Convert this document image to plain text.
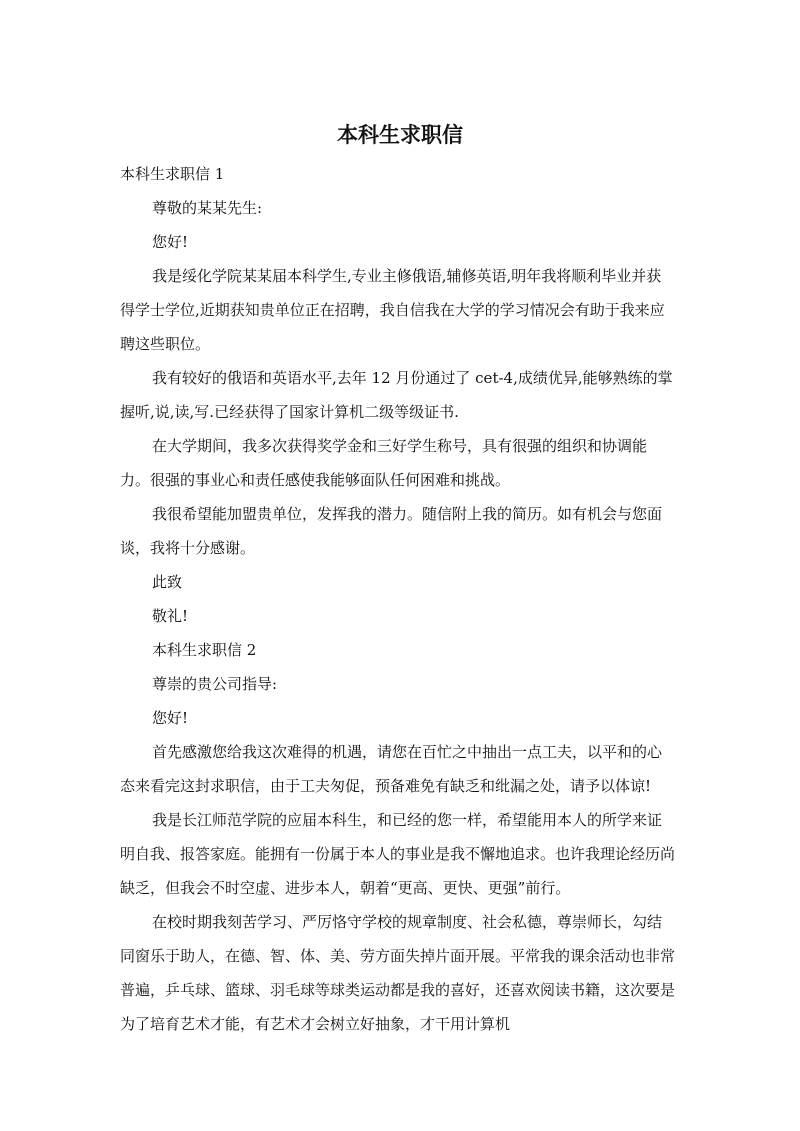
本科生求职信

本科生求职信 1

尊敬的某某先生:

您好!

我是绥化学院某某届本科学生,专业主修俄语,辅修英语,明年我将顺利毕业并获得学士学位,近期获知贵单位正在招聘，我自信我在大学的学习情况会有助于我来应聘这些职位。

我有较好的俄语和英语水平,去年 12 月份通过了 cet-4,成绩优异,能够熟练的掌握听,说,读,写.已经获得了国家计算机二级等级证书.

在大学期间，我多次获得奖学金和三好学生称号，具有很强的组织和协调能力。很强的事业心和责任感使我能够面队任何困难和挑战。

我很希望能加盟贵单位，发挥我的潜力。随信附上我的简历。如有机会与您面谈，我将十分感谢。

此致

敬礼!

本科生求职信 2

尊崇的贵公司指导:

您好!

首先感激您给我这次难得的机遇，请您在百忙之中抽出一点工夫，以平和的心态来看完这封求职信，由于工夫匆促，预备难免有缺乏和纰漏之处，请予以体谅!

我是长江师范学院的应届本科生，和已经的您一样，希望能用本人的所学来证明自我、报答家庭。能拥有一份属于本人的事业是我不懈地追求。也许我理论经历尚缺乏，但我会不时空虚、进步本人，朝着“更高、更快、更强”前行。

在校时期我刻苦学习、严厉恪守学校的规章制度、社会私德，尊崇师长，勾结同窗乐于助人，在德、智、体、美、劳方面失掉片面开展。平常我的课余活动也非常普遍，乒乓球、篮球、羽毛球等球类运动都是我的喜好，还喜欢阅读书籍，这次要是为了培育艺术才能，有艺术才会树立好抽象，才干用计算机
